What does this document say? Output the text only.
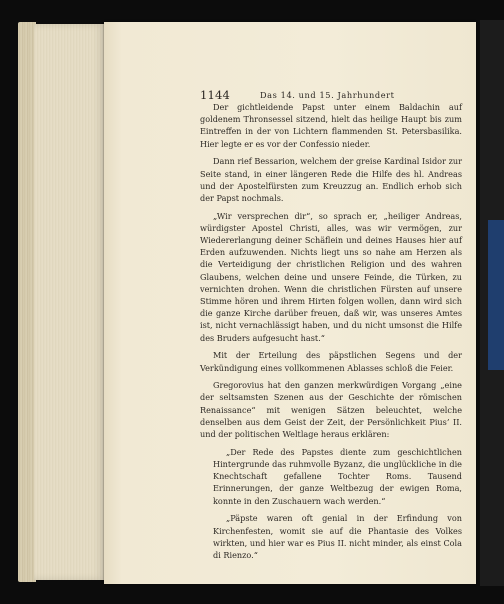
1144	Das 14. und 15. Jahrhundert

Der gichtleidende Papst unter einem Baldachin auf goldenem Thronsessel sitzend, hielt das heilige Haupt bis zum Eintreffen in der von Lichtern flammenden St. Petersbasilika. Hier legte er es vor der Confessio nieder.

Dann rief Bessarion, welchem der greise Kardinal Isidor zur Seite stand, in einer längeren Rede die Hilfe des hl. Andreas und der Apostelfürsten zum Kreuzzug an. Endlich erhob sich der Papst nochmals.

„Wir versprechen dir“, so sprach er, „heiliger Andreas, würdigster Apostel Christi, alles, was wir vermögen, zur Wiedererlangung deiner Schäflein und deines Hauses hier auf Erden aufzuwenden. Nichts liegt uns so nahe am Herzen als die Verteidigung der christlichen Religion und des wahren Glaubens, welchen deine und unsere Feinde, die Türken, zu vernichten drohen. Wenn die christlichen Fürsten auf unsere Stimme hören und ihrem Hirten folgen wollen, dann wird sich die ganze Kirche darüber freuen, daß wir, was unseres Amtes ist, nicht vernachlässigt haben, und du nicht umsonst die Hilfe des Bruders aufgesucht hast.“

Mit der Erteilung des päpstlichen Segens und der Verkündigung eines vollkommenen Ablasses schloß die Feier.

Gregorovius hat den ganzen merkwürdigen Vorgang „eine der seltsamsten Szenen aus der Geschichte der römischen Renaissance“ mit wenigen Sätzen beleuchtet, welche denselben aus dem Geist der Zeit, der Persönlichkeit Pius’ II. und der politischen Weltlage heraus erklären:

„Der Rede des Papstes diente zum geschichtlichen Hintergrunde das ruhmvolle Byzanz, die unglückliche in die Knechtschaft gefallene Tochter Roms. Tausend Erinnerungen, der ganze Weltbezug der ewigen Roma, konnte in den Zuschauern wach werden.“

„Päpste waren oft genial in der Erfindung von Kirchenfesten, womit sie auf die Phantasie des Volkes wirkten, und hier war es Pius II. nicht minder, als einst Cola di Rienzo.“
